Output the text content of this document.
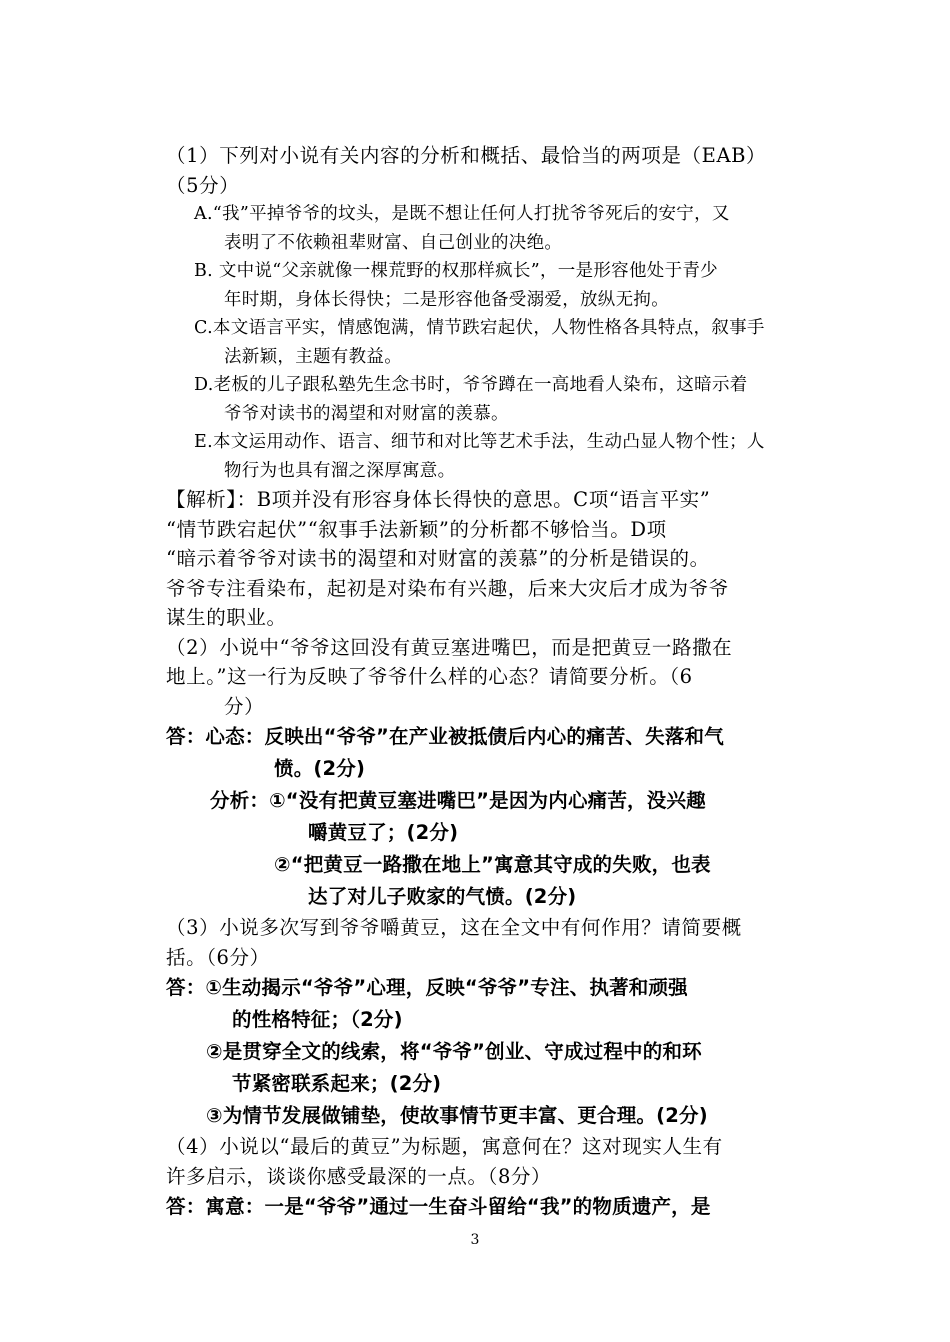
（1）下列对小说有关内容的分析和概括、最恰当的两项是（EAB）
（5分）
A.“我”平掉爷爷的坟头，是既不想让任何人打扰爷爷死后的安宁，又
表明了不依赖祖辈财富、自己创业的决绝。
B. 文中说“父亲就像一棵荒野的权那样疯长”，一是形容他处于青少
年时期，身体长得快；二是形容他备受溺爱，放纵无拘。
C.本文语言平实，情感饱满，情节跌宕起伏，人物性格各具特点，叙事手
法新颖，主题有教益。
D.老板的儿子跟私塾先生念书时，爷爷蹲在一高地看人染布，这暗示着
爷爷对读书的渴望和对财富的羡慕。
E.本文运用动作、语言、细节和对比等艺术手法，生动凸显人物个性；人
物行为也具有溜之深厚寓意。
【解析】：B项并没有形容身体长得快的意思。C项“语言平实”
“情节跌宕起伏”“叙事手法新颖”的分析都不够恰当。D项
“暗示着爷爷对读书的渴望和对财富的羡慕”的分析是错误的。
爷爷专注看染布，起初是对染布有兴趣，后来大灾后才成为爷爷
谋生的职业。
（2）小说中“爷爷这回没有黄豆塞进嘴巴，而是把黄豆一路撒在
地上。”这一行为反映了爷爷什么样的心态？请简要分析。（6
分）
答：心态：反映出“爷爷”在产业被抵债后内心的痛苦、失落和气
愤。(2分)
分析：①“没有把黄豆塞进嘴巴”是因为内心痛苦，没兴趣
嚼黄豆了；(2分)
②“把黄豆一路撒在地上”寓意其守成的失败，也表
达了对儿子败家的气愤。(2分)
（3）小说多次写到爷爷嚼黄豆，这在全文中有何作用？请简要概
括。（6分）
答：①生动揭示“爷爷”心理，反映“爷爷”专注、执著和顽强
的性格特征；（2分)
②是贯穿全文的线索，将“爷爷”创业、守成过程中的和环
节紧密联系起来；(2分)
③为情节发展做铺垫，使故事情节更丰富、更合理。(2分)
（4）小说以“最后的黄豆”为标题，寓意何在？这对现实人生有
许多启示，谈谈你感受最深的一点。（8分）
答：寓意：一是“爷爷”通过一生奋斗留给“我”的物质遗产，是
3
